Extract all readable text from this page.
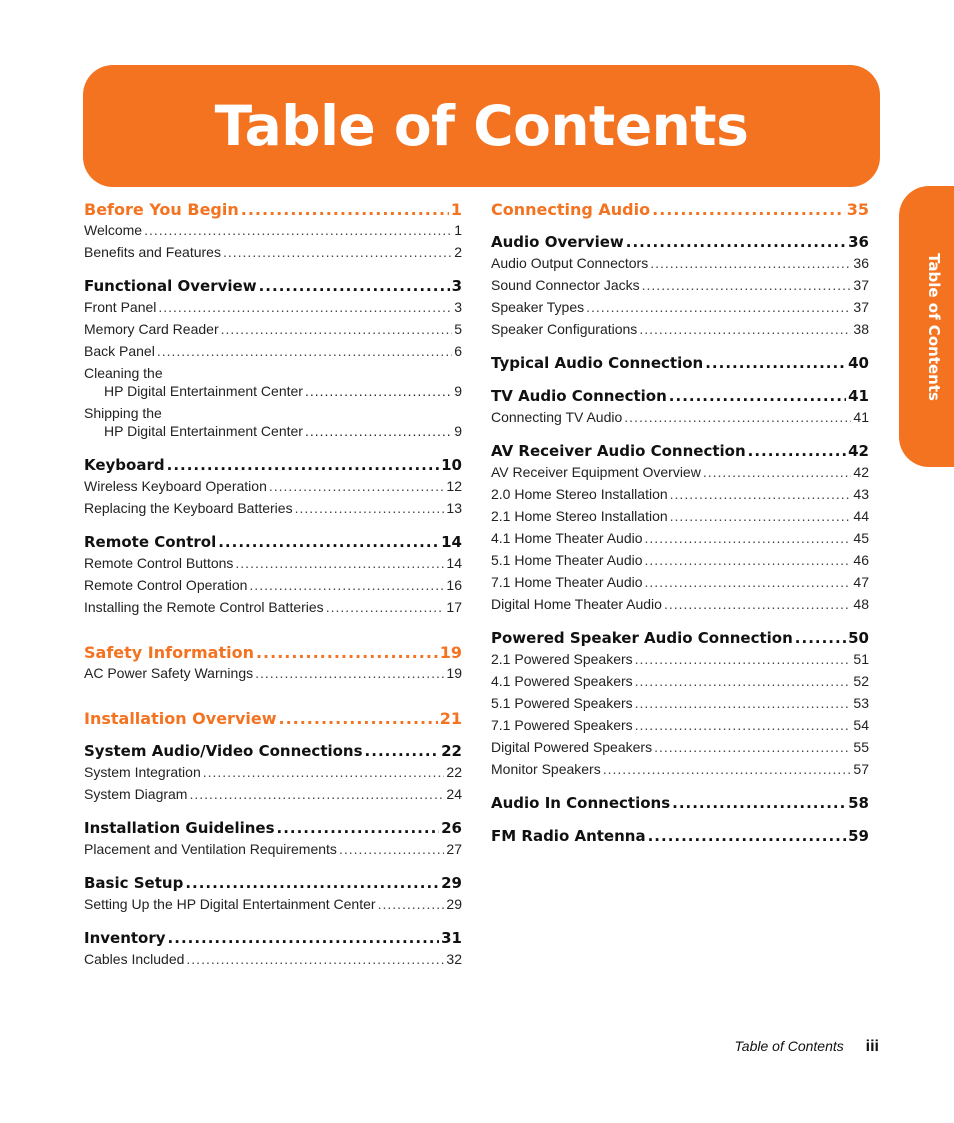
Table of Contents
Table of Contents
Before You Begin .....	1
Welcome .....	1
Benefits and Features .....	2
Functional Overview .....	3
Front Panel .....	3
Memory Card Reader .....	5
Back Panel .....	6
Cleaning the
HP Digital Entertainment Center .....	9
Shipping the
HP Digital Entertainment Center .....	9
Keyboard .....	10
Wireless Keyboard Operation .....	12
Replacing the Keyboard Batteries .....	13
Remote Control .....	14
Remote Control Buttons .....	14
Remote Control Operation .....	16
Installing the Remote Control Batteries .....	17
Safety Information .....	19
AC Power Safety Warnings .....	19
Installation Overview .....	21
System Audio/Video Connections .....	22
System Integration .....	22
System Diagram .....	24
Installation Guidelines .....	26
Placement and Ventilation Requirements .....	27
Basic Setup .....	29
Setting Up the HP Digital Entertainment Center .....	29
Inventory .....	31
Cables Included .....	32
Connecting Audio .....	35
Audio Overview .....	36
Audio Output Connectors .....	36
Sound Connector Jacks .....	37
Speaker Types .....	37
Speaker Configurations .....	38
Typical Audio Connection .....	40
TV Audio Connection .....	41
Connecting TV Audio .....	41
AV Receiver Audio Connection .....	42
AV Receiver Equipment Overview .....	42
2.0 Home Stereo Installation .....	43
2.1 Home Stereo Installation .....	44
4.1 Home Theater Audio .....	45
5.1 Home Theater Audio .....	46
7.1 Home Theater Audio .....	47
Digital Home Theater Audio .....	48
Powered Speaker Audio Connection .....	50
2.1 Powered Speakers .....	51
4.1 Powered Speakers .....	52
5.1 Powered Speakers .....	53
7.1 Powered Speakers .....	54
Digital Powered Speakers .....	55
Monitor Speakers .....	57
Audio In Connections .....	58
FM Radio Antenna .....	59
Table of Contents iii
